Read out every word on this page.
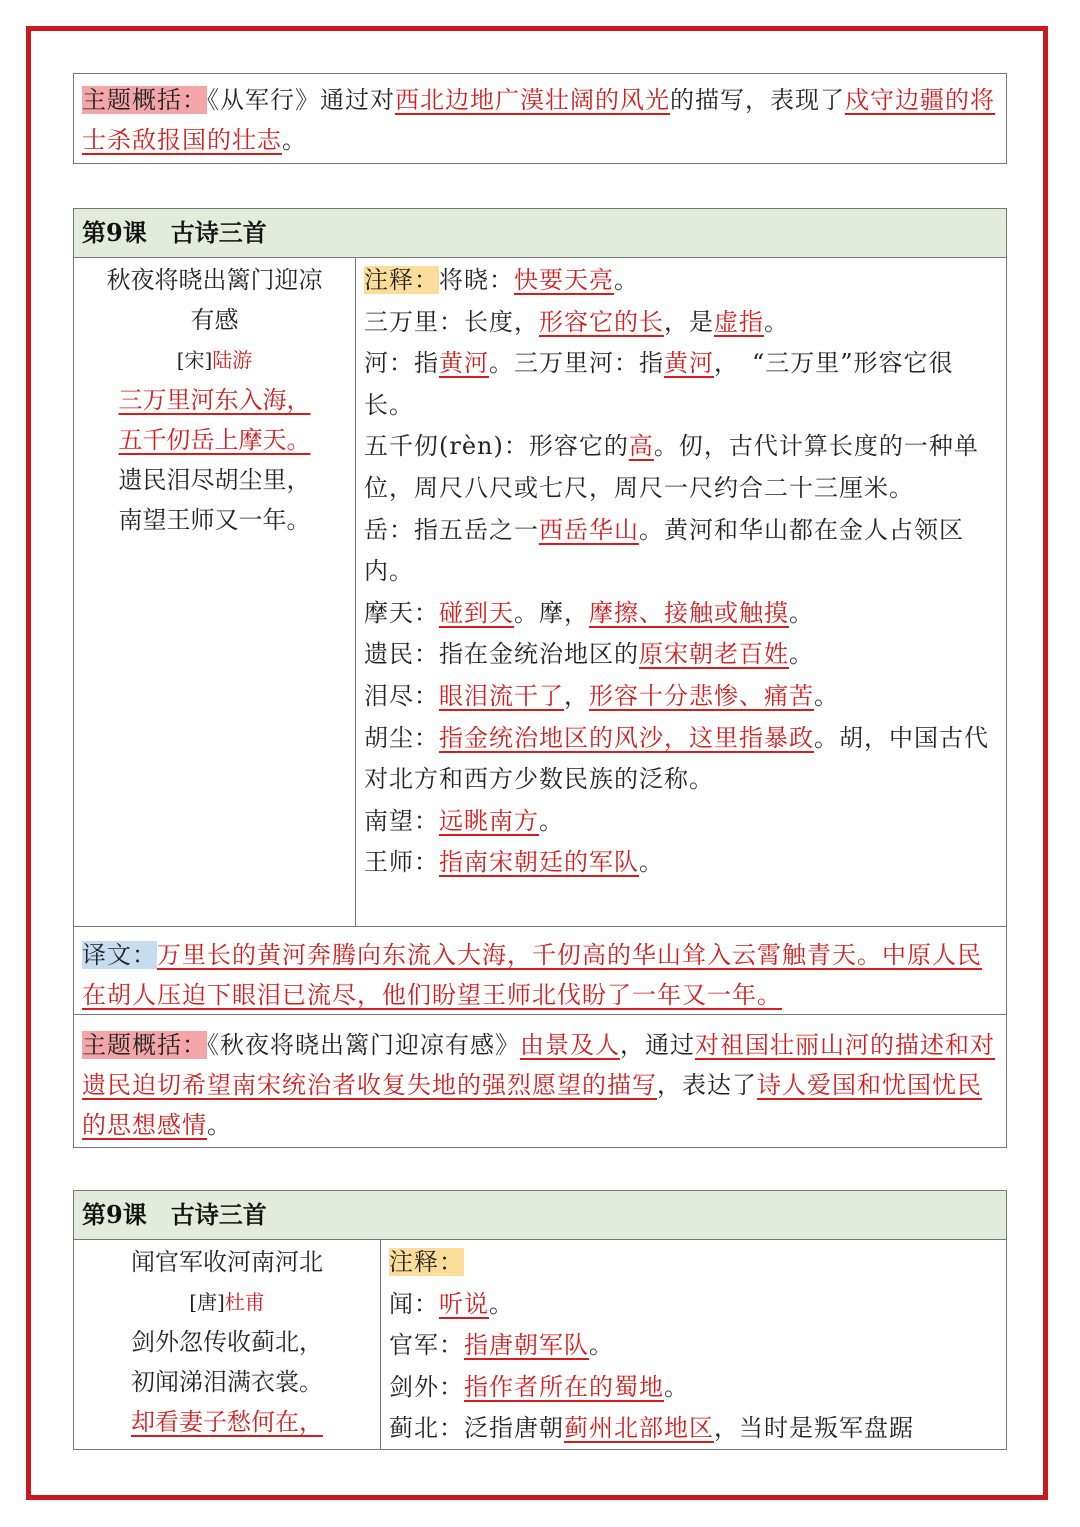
主题概括：《从军行》通过对西北边地广漠壮阔的风光的描写，表现了戍守边疆的将士杀敌报国的壮志。

第9课　古诗三首
秋夜将晓出篱门迎凉有感
[宋]陆游
三万里河东入海，
五千仞岳上摩天。
遗民泪尽胡尘里，
南望王师又一年。
注释：将晓：快要天亮。
三万里：长度，形容它的长，是虚指。
河：指黄河。三万里河：指黄河，　“三万里”形容它很长。
五千仞(rèn)：形容它的高。仞，古代计算长度的一种单位，周尺八尺或七尺，周尺一尺约合二十三厘米。
岳：指五岳之一西岳华山。黄河和华山都在金人占领区内。
摩天：碰到天。摩，摩擦、接触或触摸。
遗民：指在金统治地区的原宋朝老百姓。
泪尽：眼泪流干了，形容十分悲惨、痛苦。
胡尘：指金统治地区的风沙，这里指暴政。胡，中国古代对北方和西方少数民族的泛称。
南望：远眺南方。
王师：指南宋朝廷的军队。

译文：万里长的黄河奔腾向东流入大海，千仞高的华山耸入云霄触青天。中原人民在胡人压迫下眼泪已流尽，他们盼望王师北伐盼了一年又一年。

主题概括：《秋夜将晓出篱门迎凉有感》由景及人，通过对祖国壮丽山河的描述和对遗民迫切希望南宋统治者收复失地的强烈愿望的描写，表达了诗人爱国和忧国忧民的思想感情。

第9课　古诗三首
闻官军收河南河北
[唐]杜甫
剑外忽传收蓟北，
初闻涕泪满衣裳。
却看妻子愁何在，
注释：
闻：听说。
官军：指唐朝军队。
剑外：指作者所在的蜀地。
蓟北：泛指唐朝蓟州北部地区，当时是叛军盘踞
